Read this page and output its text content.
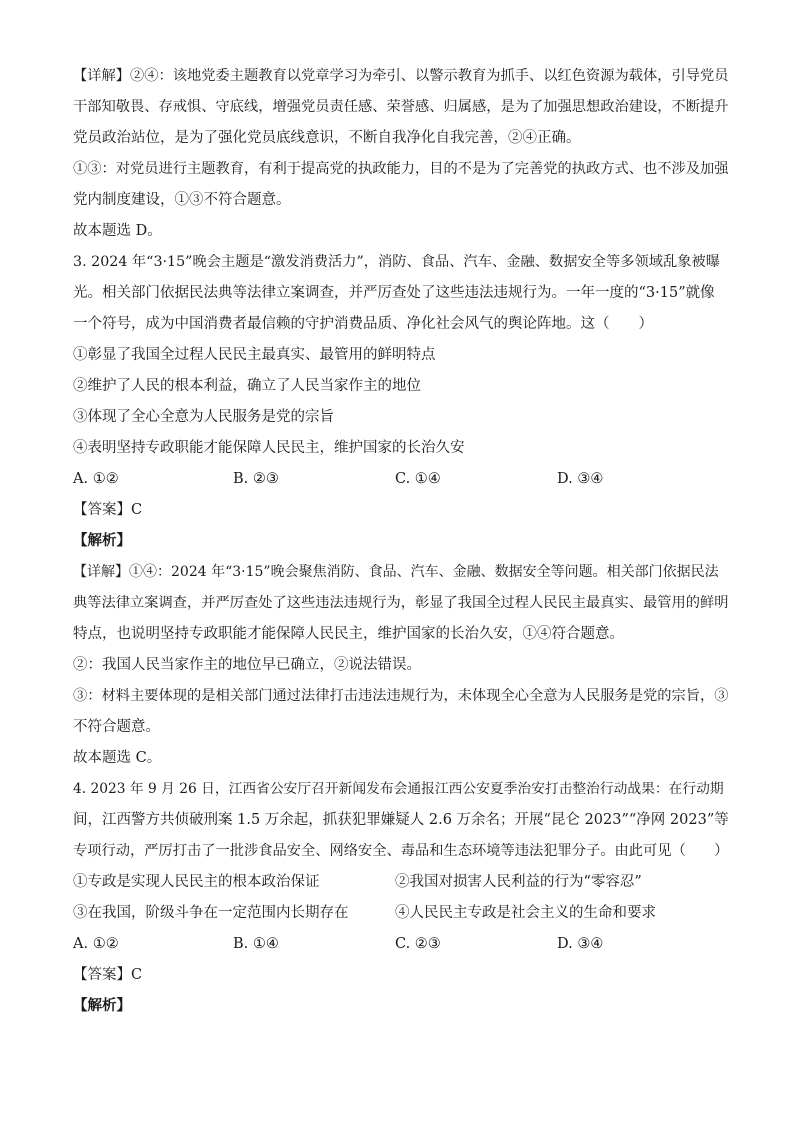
【详解】②④：该地党委主题教育以党章学习为牵引、以警示教育为抓手、以红色资源为载体，引导党员
干部知敬畏、存戒惧、守底线，增强党员责任感、荣誉感、归属感，是为了加强思想政治建设，不断提升
党员政治站位，是为了强化党员底线意识，不断自我净化自我完善，②④正确。
①③：对党员进行主题教育，有利于提高党的执政能力，目的不是为了完善党的执政方式、也不涉及加强
党内制度建设，①③不符合题意。
故本题选 D。
3. 2024 年“3·15”晚会主题是“激发消费活力”，消防、食品、汽车、金融、数据安全等多领域乱象被曝
光。相关部门依据民法典等法律立案调查，并严厉查处了这些违法违规行为。一年一度的“3·15”就像
一个符号，成为中国消费者最信赖的守护消费品质、净化社会风气的舆论阵地。这（　　）
①彰显了我国全过程人民民主最真实、最管用的鲜明特点
②维护了人民的根本利益，确立了人民当家作主的地位
③体现了全心全意为人民服务是党的宗旨
④表明坚持专政职能才能保障人民民主，维护国家的长治久安
A. ①②	B. ②③	C. ①④	D. ③④
【答案】C
【解析】
【详解】①④：2024 年“3·15”晚会聚焦消防、食品、汽车、金融、数据安全等问题。相关部门依据民法
典等法律立案调查，并严厉查处了这些违法违规行为，彰显了我国全过程人民民主最真实、最管用的鲜明
特点，也说明坚持专政职能才能保障人民民主，维护国家的长治久安，①④符合题意。
②：我国人民当家作主的地位早已确立，②说法错误。
③：材料主要体现的是相关部门通过法律打击违法违规行为，未体现全心全意为人民服务是党的宗旨，③
不符合题意。
故本题选 C。
4. 2023 年 9 月 26 日，江西省公安厅召开新闻发布会通报江西公安夏季治安打击整治行动战果：在行动期
间，江西警方共侦破刑案 1.5 万余起，抓获犯罪嫌疑人 2.6 万余名；开展“昆仑 2023”“净网 2023”等
专项行动，严厉打击了一批涉食品安全、网络安全、毒品和生态环境等违法犯罪分子。由此可见（　　）
①专政是实现人民民主的根本政治保证	②我国对损害人民利益的行为“零容忍”
③在我国，阶级斗争在一定范围内长期存在	④人民民主专政是社会主义的生命和要求
A. ①②	B. ①④	C. ②③	D. ③④
【答案】C
【解析】
